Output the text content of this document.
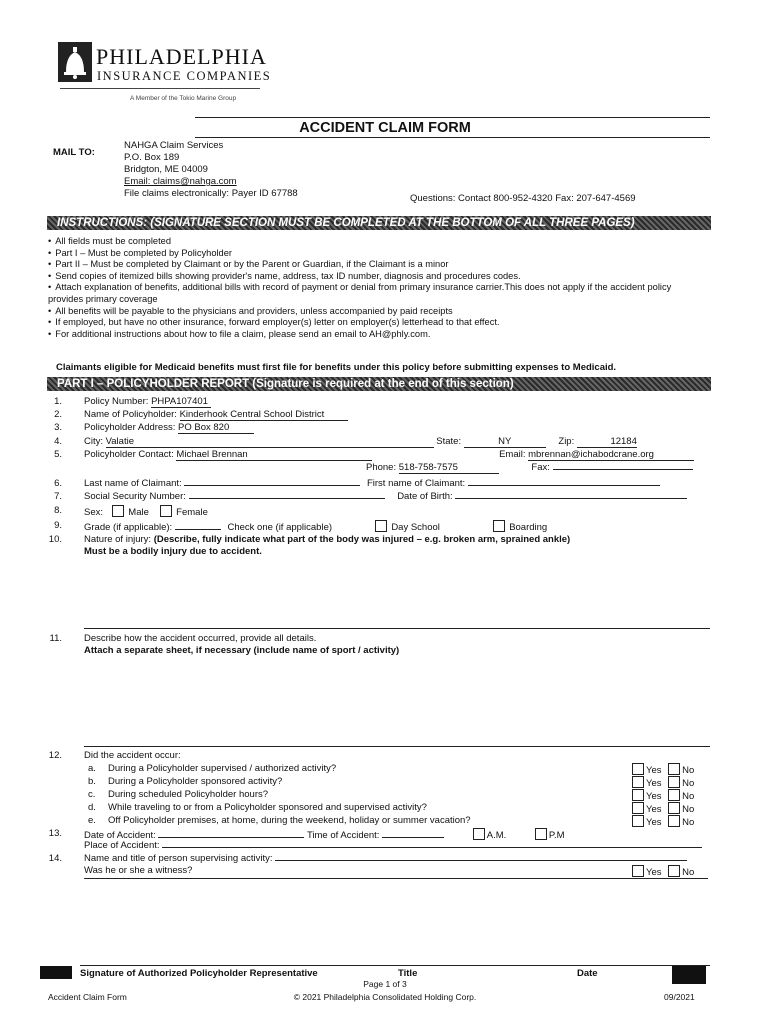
PHILADELPHIA
INSURANCE COMPANIES
A Member of the Tokio Marine Group
ACCIDENT CLAIM FORM
MAIL TO:
NAHGA Claim Services
P.O. Box 189
Bridgton, ME 04009
Email: claims@nahga.com
File claims electronically: Payer ID 67788	Questions: Contact 800-952-4320 Fax: 207-647-4569
INSTRUCTIONS: (SIGNATURE SECTION MUST BE COMPLETED AT THE BOTTOM OF ALL THREE PAGES)
• All fields must be completed
• Part I – Must be completed by Policyholder
• Part II – Must be completed by Claimant or by the Parent or Guardian, if the Claimant is a minor
• Send copies of itemized bills showing provider's name, address, tax ID number, diagnosis and procedures codes.
• Attach explanation of benefits, additional bills with record of payment or denial from primary insurance carrier.This does not apply if the accident policy provides primary coverage
• All benefits will be payable to the physicians and providers, unless accompanied by paid receipts
• If employed, but have no other insurance, forward employer(s) letter on employer(s) letterhead to that effect.
• For additional instructions about how to file a claim, please send an email to AH@phly.com.
Claimants eligible for Medicaid benefits must first file for benefits under this policy before submitting expenses to Medicaid.
PART I – POLICYHOLDER REPORT (Signature is required at the end of this section)
1. Policy Number: PHPA107401
2. Name of Policyholder: Kinderhook Central School District
3. Policyholder Address: PO Box 820
4. City: Valatie	State:	NY	Zip:	12184
5. Policyholder Contact: Michael Brennan	Email: mbrennan@ichabodcrane.org
Phone: 518-758-7575	Fax:
6. Last name of Claimant:	First name of Claimant:
7. Social Security Number:	Date of Birth:
8. Sex:	Male	Female
9. Grade (if applicable):	Check one (if applicable)	Day School	Boarding
10. Nature of injury: (Describe, fully indicate what part of the body was injured – e.g. broken arm, sprained ankle)
Must be a bodily injury due to accident.
11. Describe how the accident occurred, provide all details.
Attach a separate sheet, if necessary (include name of sport / activity)
12. Did the accident occur:
a. During a Policyholder supervised / authorized activity?	Yes No
b. During a Policyholder sponsored activity?	Yes No
c. During scheduled Policyholder hours?	Yes No
d. While traveling to or from a Policyholder sponsored and supervised activity?	Yes No
e. Off Policyholder premises, at home, during the weekend, holiday or summer vacation?	Yes No
13. Date of Accident:	Time of Accident:	A.M.	P.M
Place of Accident:
14. Name and title of person supervising activity:
Was he or she a witness?	Yes No
Signature of Authorized Policyholder Representative	Title	Date
Page 1 of 3
Accident Claim Form	© 2021 Philadelphia Consolidated Holding Corp.	09/2021
